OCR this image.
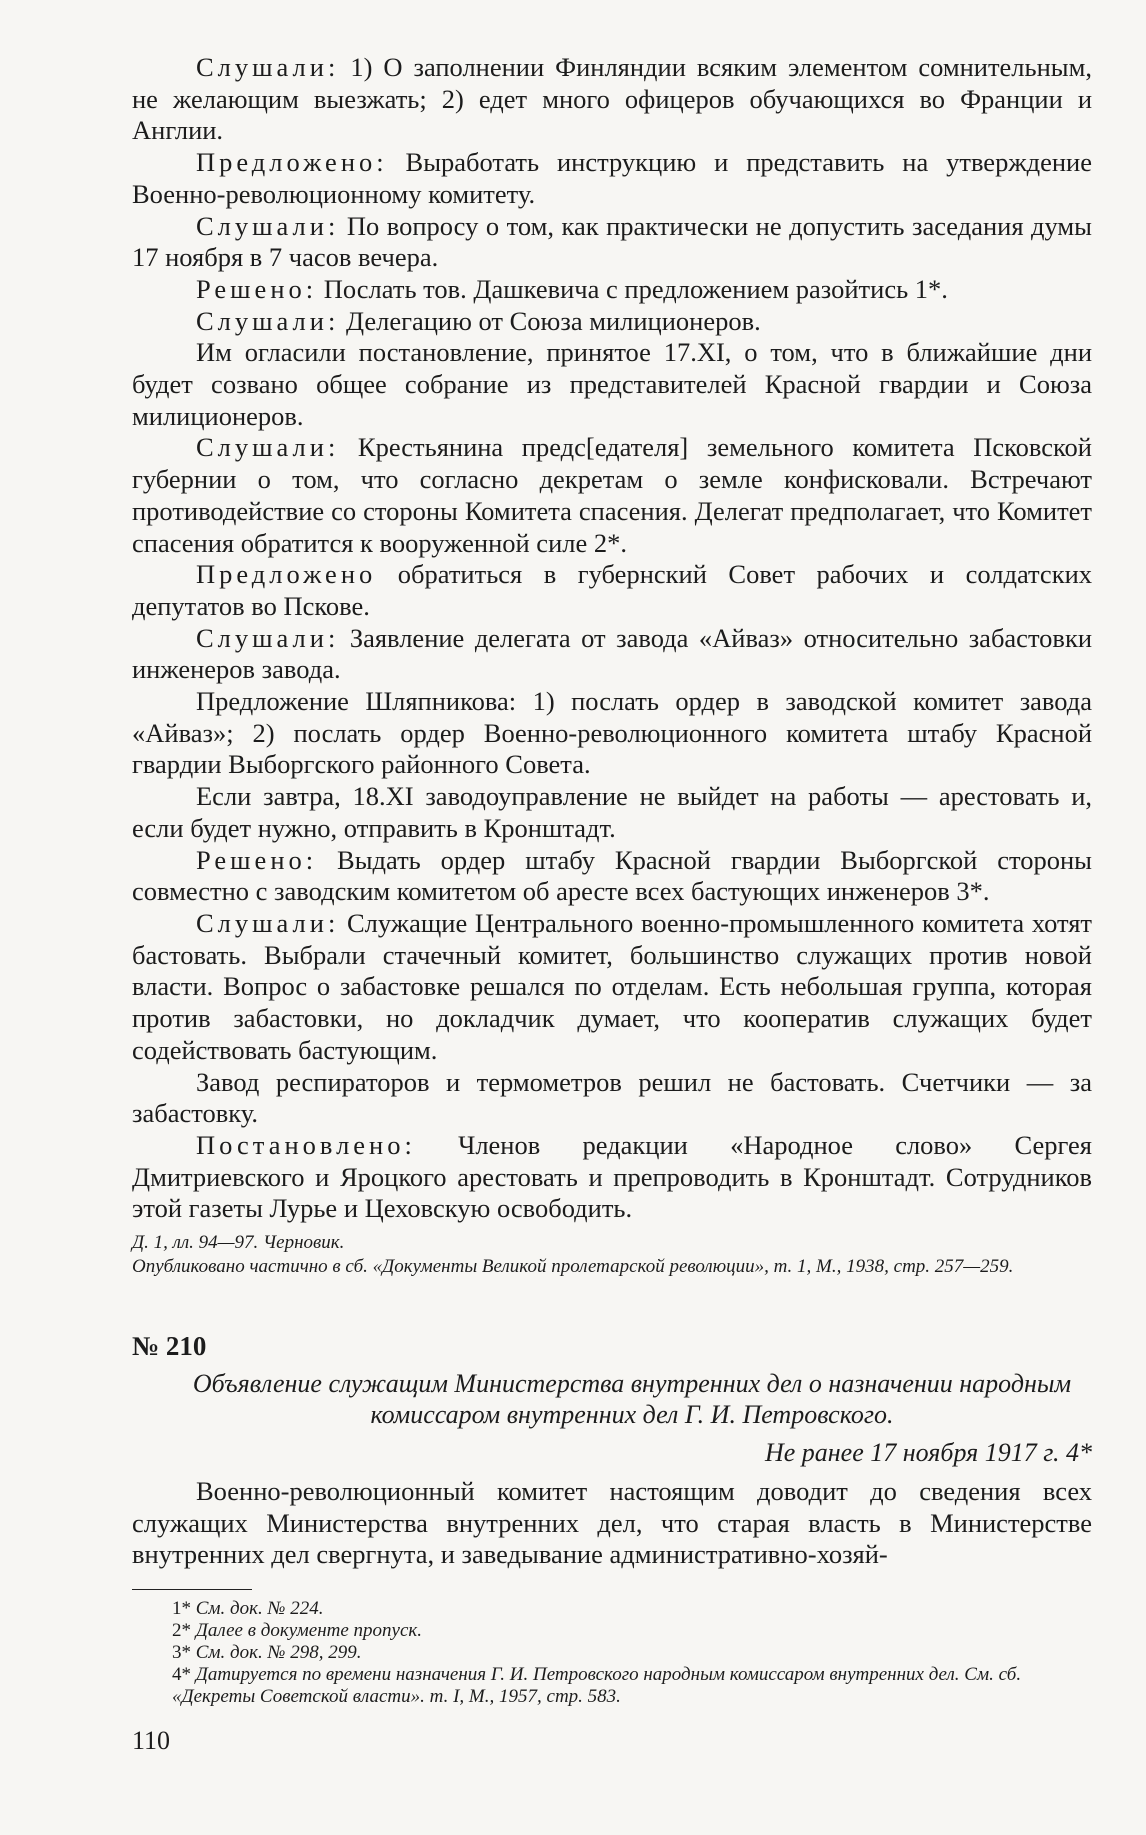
Слушали: 1) О заполнении Финляндии всяким элементом сомнительным, не желающим выезжать; 2) едет много офицеров обучающихся во Франции и Англии.

Предложено: Выработать инструкцию и представить на утверждение Военно-революционному комитету.

Слушали: По вопросу о том, как практически не допустить заседания думы 17 ноября в 7 часов вечера.

Решено: Послать тов. Дашкевича с предложением разойтись 1*.

Слушали: Делегацию от Союза милиционеров.

Им огласили постановление, принятое 17.XI, о том, что в ближайшие дни будет созвано общее собрание из представителей Красной гвардии и Союза милиционеров.

Слушали: Крестьянина предс[едателя] земельного комитета Псковской губернии о том, что согласно декретам о земле конфисковали. Встречают противодействие со стороны Комитета спасения. Делегат предполагает, что Комитет спасения обратится к вооруженной силе 2*.

Предложено обратиться в губернский Совет рабочих и солдатских депутатов во Пскове.

Слушали: Заявление делегата от завода «Айваз» относительно забастовки инженеров завода.

Предложение Шляпникова: 1) послать ордер в заводской комитет завода «Айваз»; 2) послать ордер Военно-революционного комитета штабу Красной гвардии Выборгского районного Совета.

Если завтра, 18.XI заводоуправление не выйдет на работы — арестовать и, если будет нужно, отправить в Кронштадт.

Решено: Выдать ордер штабу Красной гвардии Выборгской стороны совместно с заводским комитетом об аресте всех бастующих инженеров 3*.

Слушали: Служащие Центрального военно-промышленного комитета хотят бастовать. Выбрали стачечный комитет, большинство служащих против новой власти. Вопрос о забастовке решался по отделам. Есть небольшая группа, которая против забастовки, но докладчик думает, что кооператив служащих будет содействовать бастующим.

Завод респираторов и термометров решил не бастовать. Счетчики — за забастовку.

Постановлено: Членов редакции «Народное слово» Сергея Дмитриевского и Яроцкого арестовать и препроводить в Кронштадт. Сотрудников этой газеты Лурье и Цеховскую освободить.

Д. 1, лл. 94—97. Черновик.

Опубликовано частично в сб. «Документы Великой пролетарской революции», т. 1, М., 1938, стр. 257—259.

№ 210

Объявление служащим Министерства внутренних дел о назначении народным комиссаром внутренних дел Г. И. Петровского.

Не ранее 17 ноября 1917 г. 4*

Военно-революционный комитет настоящим доводит до сведения всех служащих Министерства внутренних дел, что старая власть в Министерстве внутренних дел свергнута, и заведывание административно-хозяй-

1* См. док. № 224.

2* Далее в документе пропуск.

3* См. док. № 298, 299.

4* Датируется по времени назначения Г. И. Петровского народным комиссаром внутренних дел. См. сб. «Декреты Советской власти». т. I, М., 1957, стр. 583.

110
